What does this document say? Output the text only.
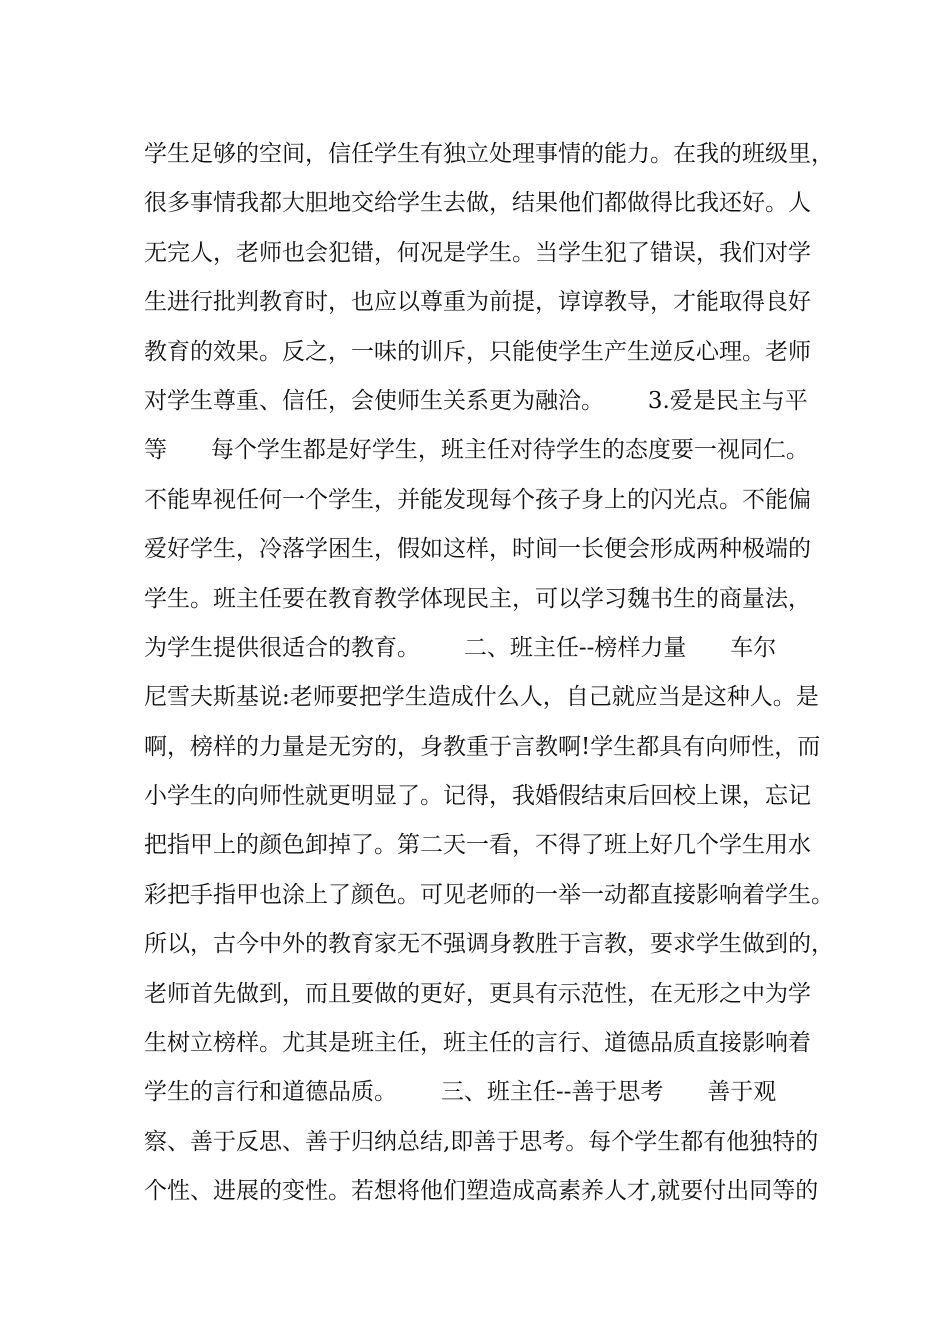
学生足够的空间，信任学生有独立处理事情的能力。在我的班级里，
很多事情我都大胆地交给学生去做，结果他们都做得比我还好。人
无完人，老师也会犯错，何况是学生。当学生犯了错误，我们对学
生进行批判教育时，也应以尊重为前提，谆谆教导，才能取得良好
教育的效果。反之，一味的训斥，只能使学生产生逆反心理。老师
对学生尊重、信任，会使师生关系更为融洽。      3.爱是民主与平
等      每个学生都是好学生，班主任对待学生的态度要一视同仁。
不能卑视任何一个学生，并能发现每个孩子身上的闪光点。不能偏
爱好学生，冷落学困生，假如这样，时间一长便会形成两种极端的
学生。班主任要在教育教学体现民主，可以学习魏书生的商量法，
为学生提供很适合的教育。      二、班主任--榜样力量      车尔
尼雪夫斯基说:老师要把学生造成什么人，自己就应当是这种人。是
啊，榜样的力量是无穷的，身教重于言教啊!学生都具有向师性，而
小学生的向师性就更明显了。记得，我婚假结束后回校上课，忘记
把指甲上的颜色卸掉了。第二天一看，不得了班上好几个学生用水
彩把手指甲也涂上了颜色。可见老师的一举一动都直接影响着学生。
所以，古今中外的教育家无不强调身教胜于言教，要求学生做到的，
老师首先做到，而且要做的更好，更具有示范性，在无形之中为学
生树立榜样。尤其是班主任，班主任的言行、道德品质直接影响着
学生的言行和道德品质。      三、班主任--善于思考      善于观
察、善于反思、善于归纳总结,即善于思考。每个学生都有他独特的
个性、进展的变性。若想将他们塑造成高素养人才,就要付出同等的
